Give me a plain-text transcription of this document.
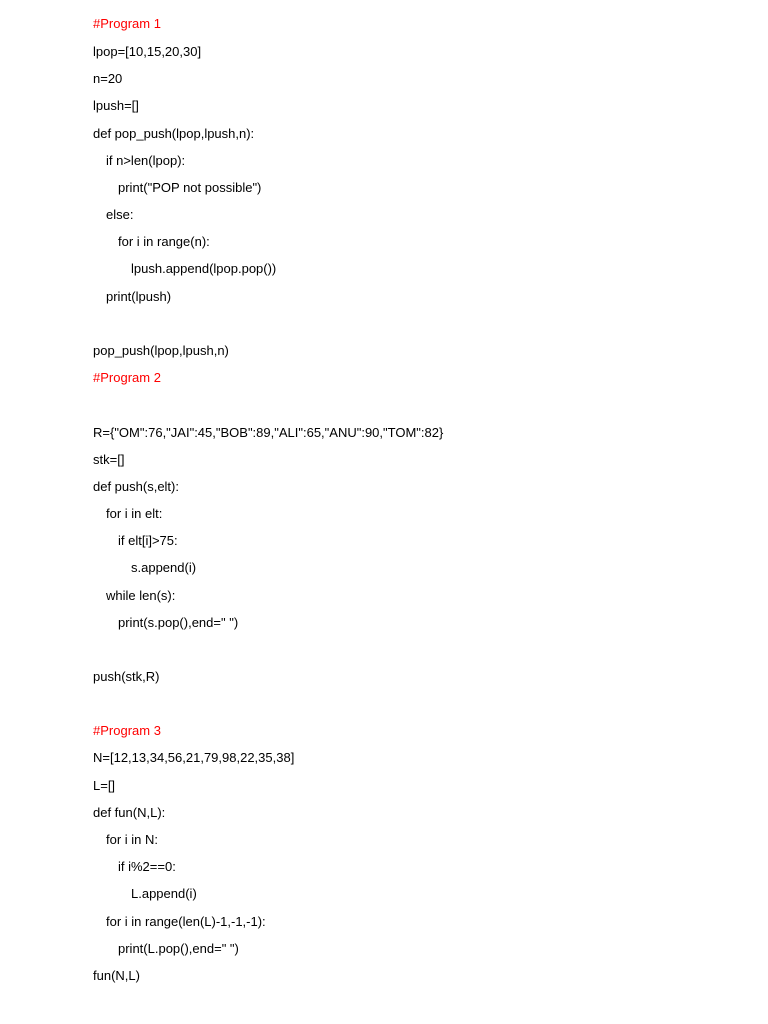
#Program 1
lpop=[10,15,20,30]
n=20
lpush=[]
def pop_push(lpop,lpush,n):
if n>len(lpop):
print("POP not possible")
else:
for i in range(n):
lpush.append(lpop.pop())
print(lpush)
pop_push(lpop,lpush,n)
#Program 2
R={"OM":76,"JAI":45,"BOB":89,"ALI":65,"ANU":90,"TOM":82}
stk=[]
def push(s,elt):
for i in elt:
if elt[i]>75:
s.append(i)
while len(s):
print(s.pop(),end=" ")
push(stk,R)
#Program 3
N=[12,13,34,56,21,79,98,22,35,38]
L=[]
def fun(N,L):
for i in N:
if i%2==0:
L.append(i)
for i in range(len(L)-1,-1,-1):
print(L.pop(),end=" ")
fun(N,L)
